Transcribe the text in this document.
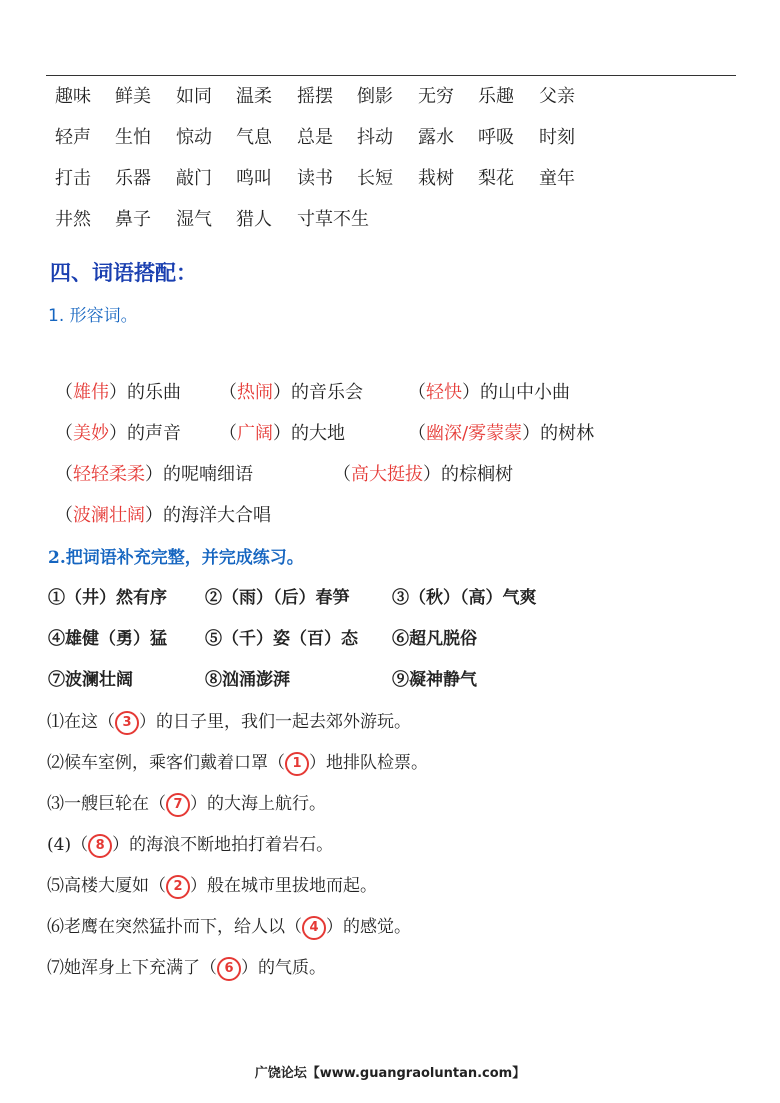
趣味 鲜美 如同 温柔 摇摆 倒影 无穷 乐趣 父亲
轻声 生怕 惊动 气息 总是 抖动 露水 呼吸 时刻
打击 乐器 敲门 鸣叫 读书 长短 栽树 梨花 童年
井然 鼻子 湿气 猎人 寸草不生
四、词语搭配：
1. 形容词。
（雄伟）的乐曲 （热闹）的音乐会	（轻快）的山中小曲
（美妙）的声音 （广阔）的大地	（幽深/雾蒙蒙）的树林
（轻轻柔柔）的呢喃细语	（高大挺拔）的棕榈树
（波澜壮阔）的海洋大合唱
2.把词语补充完整，并完成练习。
①（井）然有序 ②（雨）（后）春笋	③（秋）（高）气爽
④雄健（勇）猛 ⑤（千）姿（百）态 ⑥超凡脱俗
⑦波澜壮阔	⑧汹涌澎湃	⑨凝神静气
⑴在这（ 3 ）的日子里，我们一起去郊外游玩。
⑵候车室例，乘客们戴着口罩（ 1 ）地排队检票。
⑶一艘巨轮在（ 7 ）的大海上航行。
(4)（ 8 ）的海浪不断地拍打着岩石。
⑸高楼大厦如（ 2 ）般在城市里拔地而起。
⑹老鹰在突然猛扑而下，给人以（ 4 ）的感觉。
⑺她浑身上下充满了（ 6 ）的气质。
广饶论坛【www.guangraoluntan.com】
